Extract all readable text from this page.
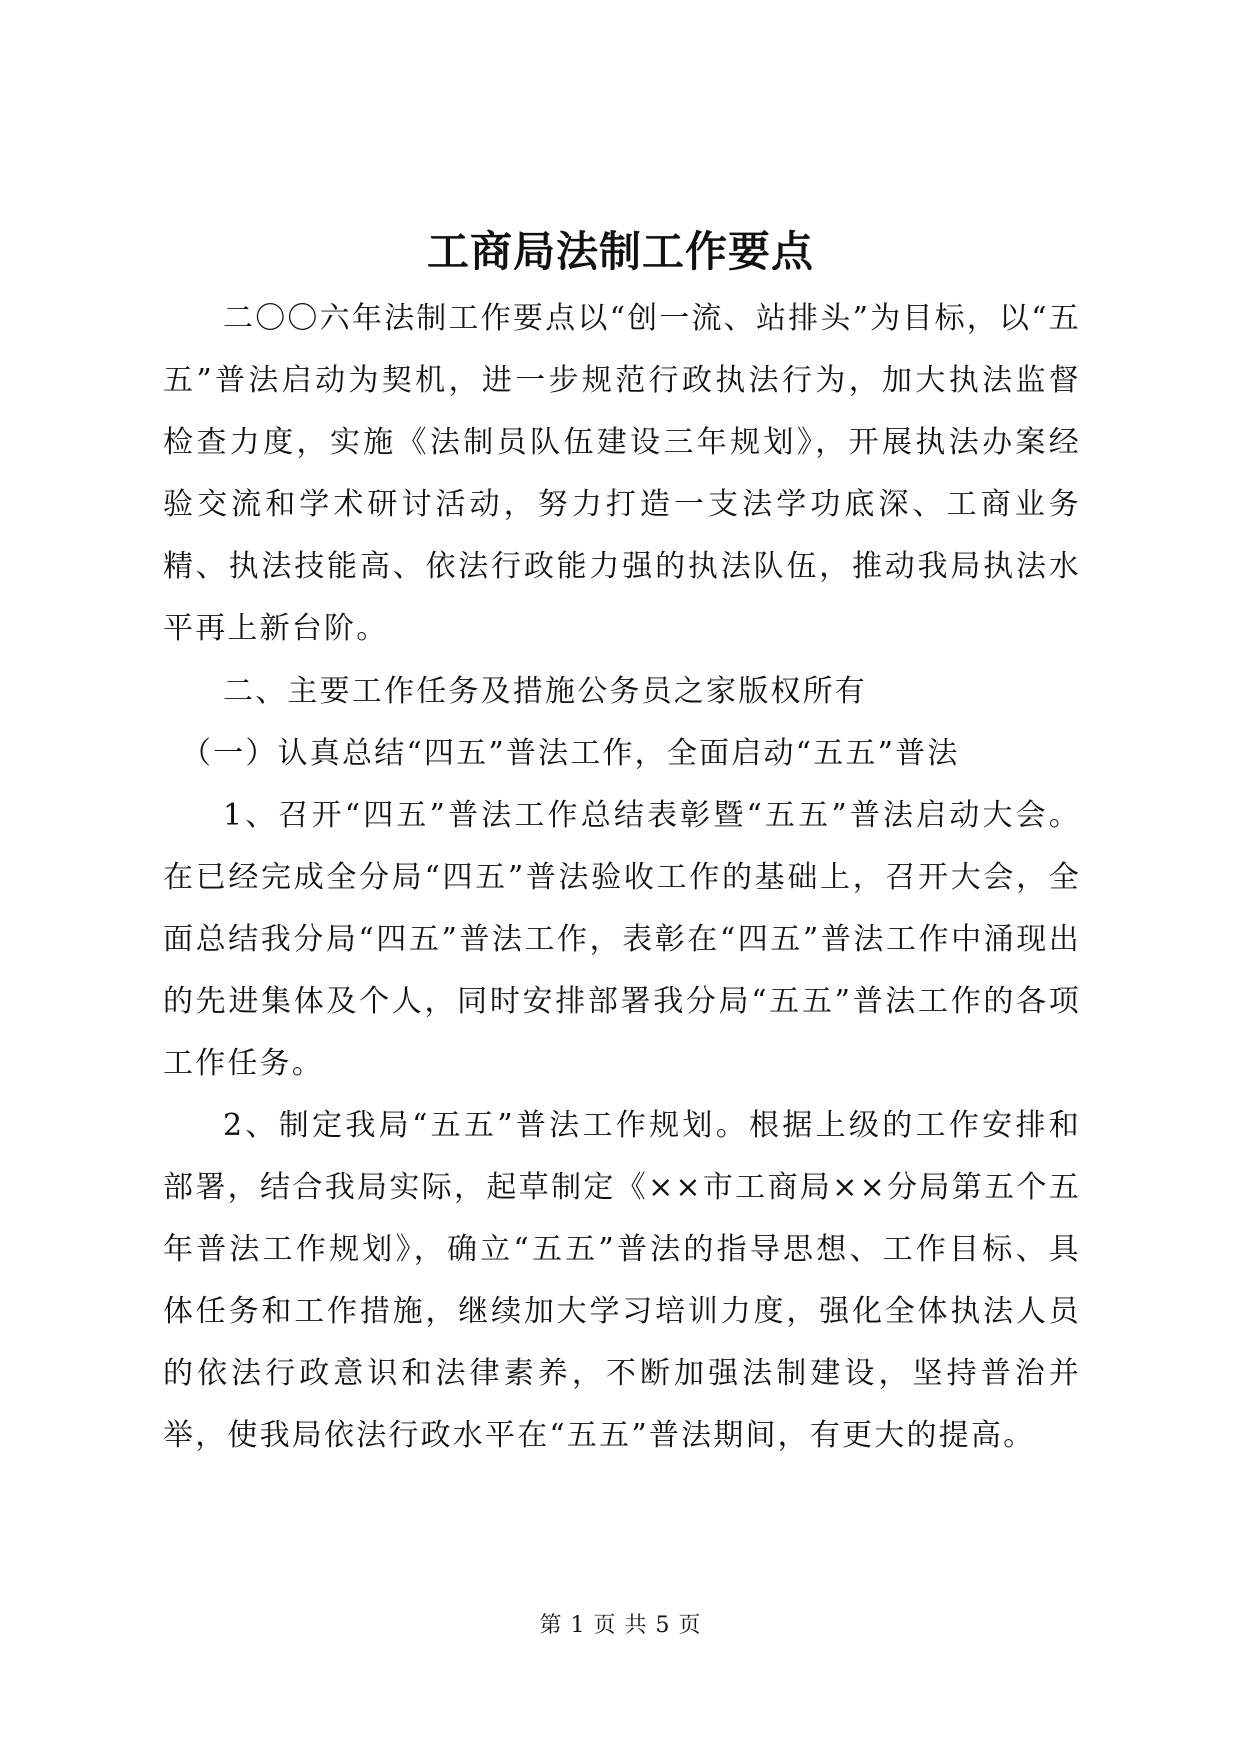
工商局法制工作要点

二〇〇六年法制工作要点以“创一流、站排头”为目标，以“五五”普法启动为契机，进一步规范行政执法行为，加大执法监督检查力度，实施《法制员队伍建设三年规划》，开展执法办案经验交流和学术研讨活动，努力打造一支法学功底深、工商业务精、执法技能高、依法行政能力强的执法队伍，推动我局执法水平再上新台阶。

二、主要工作任务及措施公务员之家版权所有

（一）认真总结“四五”普法工作，全面启动“五五”普法

1、召开“四五”普法工作总结表彰暨“五五”普法启动大会。在已经完成全分局“四五”普法验收工作的基础上，召开大会，全面总结我分局“四五”普法工作，表彰在“四五”普法工作中涌现出的先进集体及个人，同时安排部署我分局“五五”普法工作的各项工作任务。

2、制定我局“五五”普法工作规划。根据上级的工作安排和部署，结合我局实际，起草制定《××市工商局××分局第五个五年普法工作规划》，确立“五五”普法的指导思想、工作目标、具体任务和工作措施，继续加大学习培训力度，强化全体执法人员的依法行政意识和法律素养，不断加强法制建设，坚持普治并举，使我局依法行政水平在“五五”普法期间，有更大的提高。

第 1 页 共 5 页
